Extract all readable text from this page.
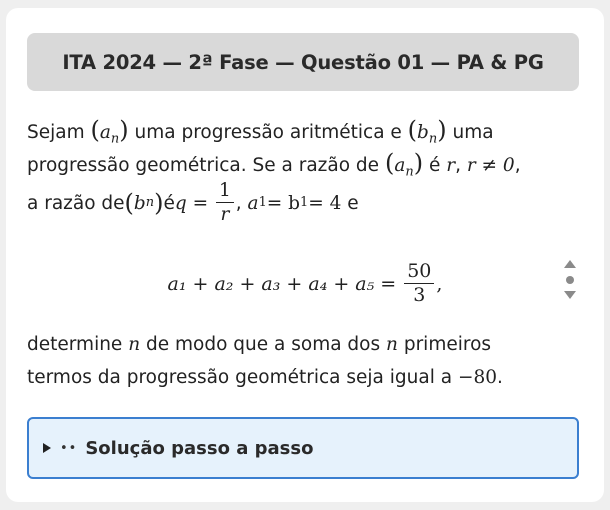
ITA 2024 — 2ª Fase — Questão 01 — PA & PG
Sejam $(a_n)$ uma progressão aritmética e $(b_n)$ uma
progressão geométrica. Se a razão de $(a_n)$ é r, r ≠ 0,
a razão de ( b n ) é $q = \frac{1}{r}$ , a 1 = b 1 = 4 e
$a_1 + a_2 + a_3 + a_4 + a_5 = \frac{50}{3}$ ,
determine n de modo que a soma dos n primeiros
termos da progressão geométrica seja igual a −80.
•• Solução passo a passo
